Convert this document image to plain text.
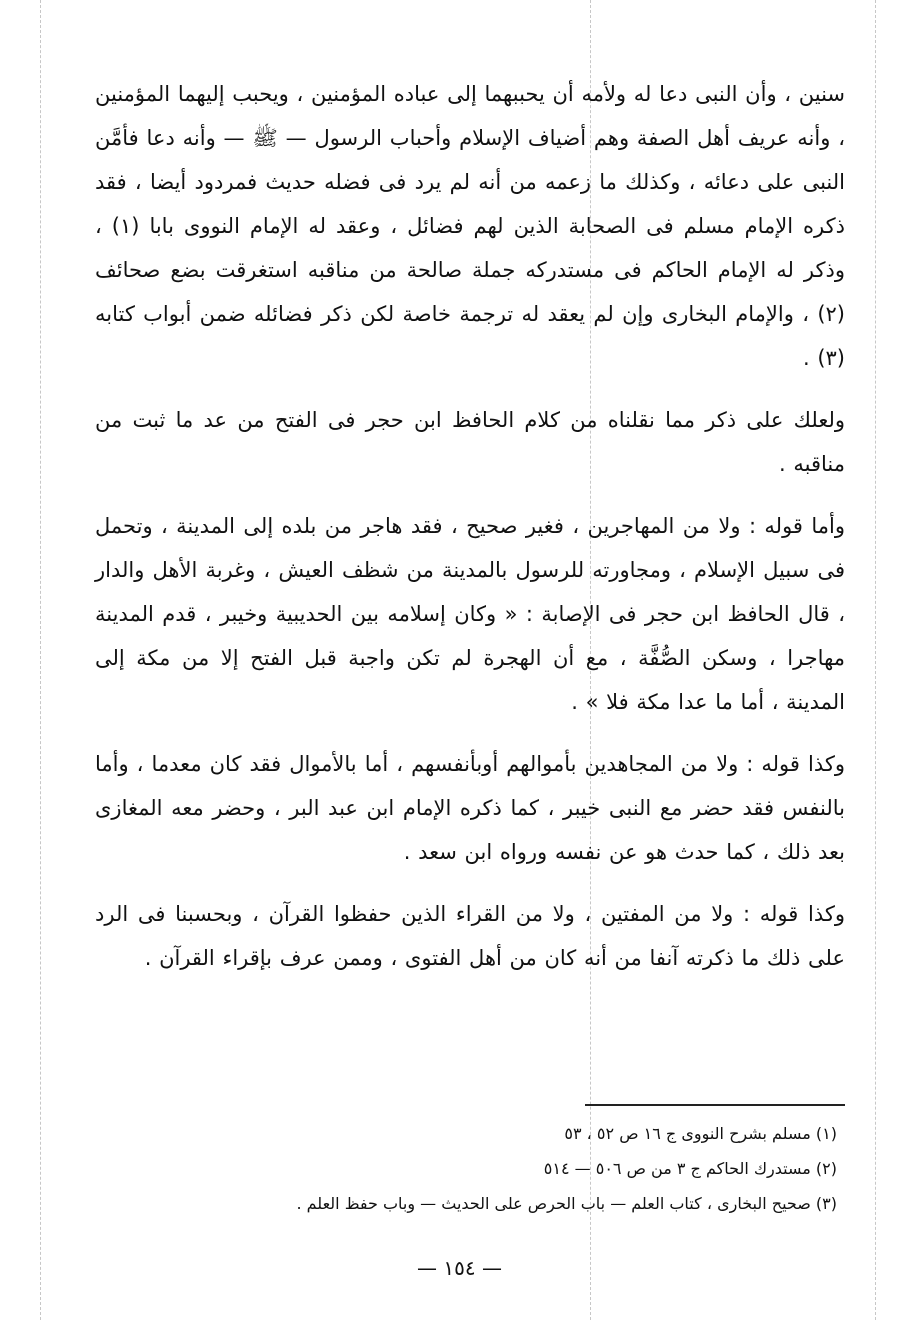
سنين ، وأن النبى دعا له ولأمه أن يحببهما إلى عباده المؤمنين ، ويحبب إليهما المؤمنين ، وأنه عريف أهل الصفة وهم أضياف الإسلام وأحباب الرسول — ﷺ — وأنه دعا فأمَّن النبى على دعائه ، وكذلك ما زعمه من أنه لم يرد فى فضله حديث فمردود أيضا ، فقد ذكره الإمام مسلم فى الصحابة الذين لهم فضائل ، وعقد له الإمام النووى بابا (١) ، وذكر له الإمام الحاكم فى مستدركه جملة صالحة من مناقبه استغرقت بضع صحائف (٢) ، والإمام البخارى وإن لم يعقد له ترجمة خاصة لكن ذكر فضائله ضمن أبواب كتابه (٣) .

ولعلك على ذكر مما نقلناه من كلام الحافظ ابن حجر فى الفتح من عد ما ثبت من مناقبه .

وأما قوله : ولا من المهاجرين ، فغير صحيح ، فقد هاجر من بلده إلى المدينة ، وتحمل فى سبيل الإسلام ، ومجاورته للرسول بالمدينة من شظف العيش ، وغربة الأهل والدار ، قال الحافظ ابن حجر فى الإصابة : « وكان إسلامه بين الحديبية وخيبر ، قدم المدينة مهاجرا ، وسكن الصُّفَّة ، مع أن الهجرة لم تكن واجبة قبل الفتح إلا من مكة إلى المدينة ، أما ما عدا مكة فلا » .

وكذا قوله : ولا من المجاهدين بأموالهم أوبأنفسهم ، أما بالأموال فقد كان معدما ، وأما بالنفس فقد حضر مع النبى خيبر ، كما ذكره الإمام ابن عبد البر ، وحضر معه المغازى بعد ذلك ، كما حدث هو عن نفسه ورواه ابن سعد .

وكذا قوله : ولا من المفتين ، ولا من القراء الذين حفظوا القرآن ، وبحسبنا فى الرد على ذلك ما ذكرته آنفا من أنه كان من أهل الفتوى ، وممن عرف بإقراء القرآن .

(١) مسلم بشرح النووى ج ١٦ ص ٥٢ ، ٥٣

(٢) مستدرك الحاكم ج ٣ من ص ٥٠٦ — ٥١٤

(٣) صحيح البخارى ، كتاب العلم — باب الحرص على الحديث — وباب حفظ العلم .

— ١٥٤ —
